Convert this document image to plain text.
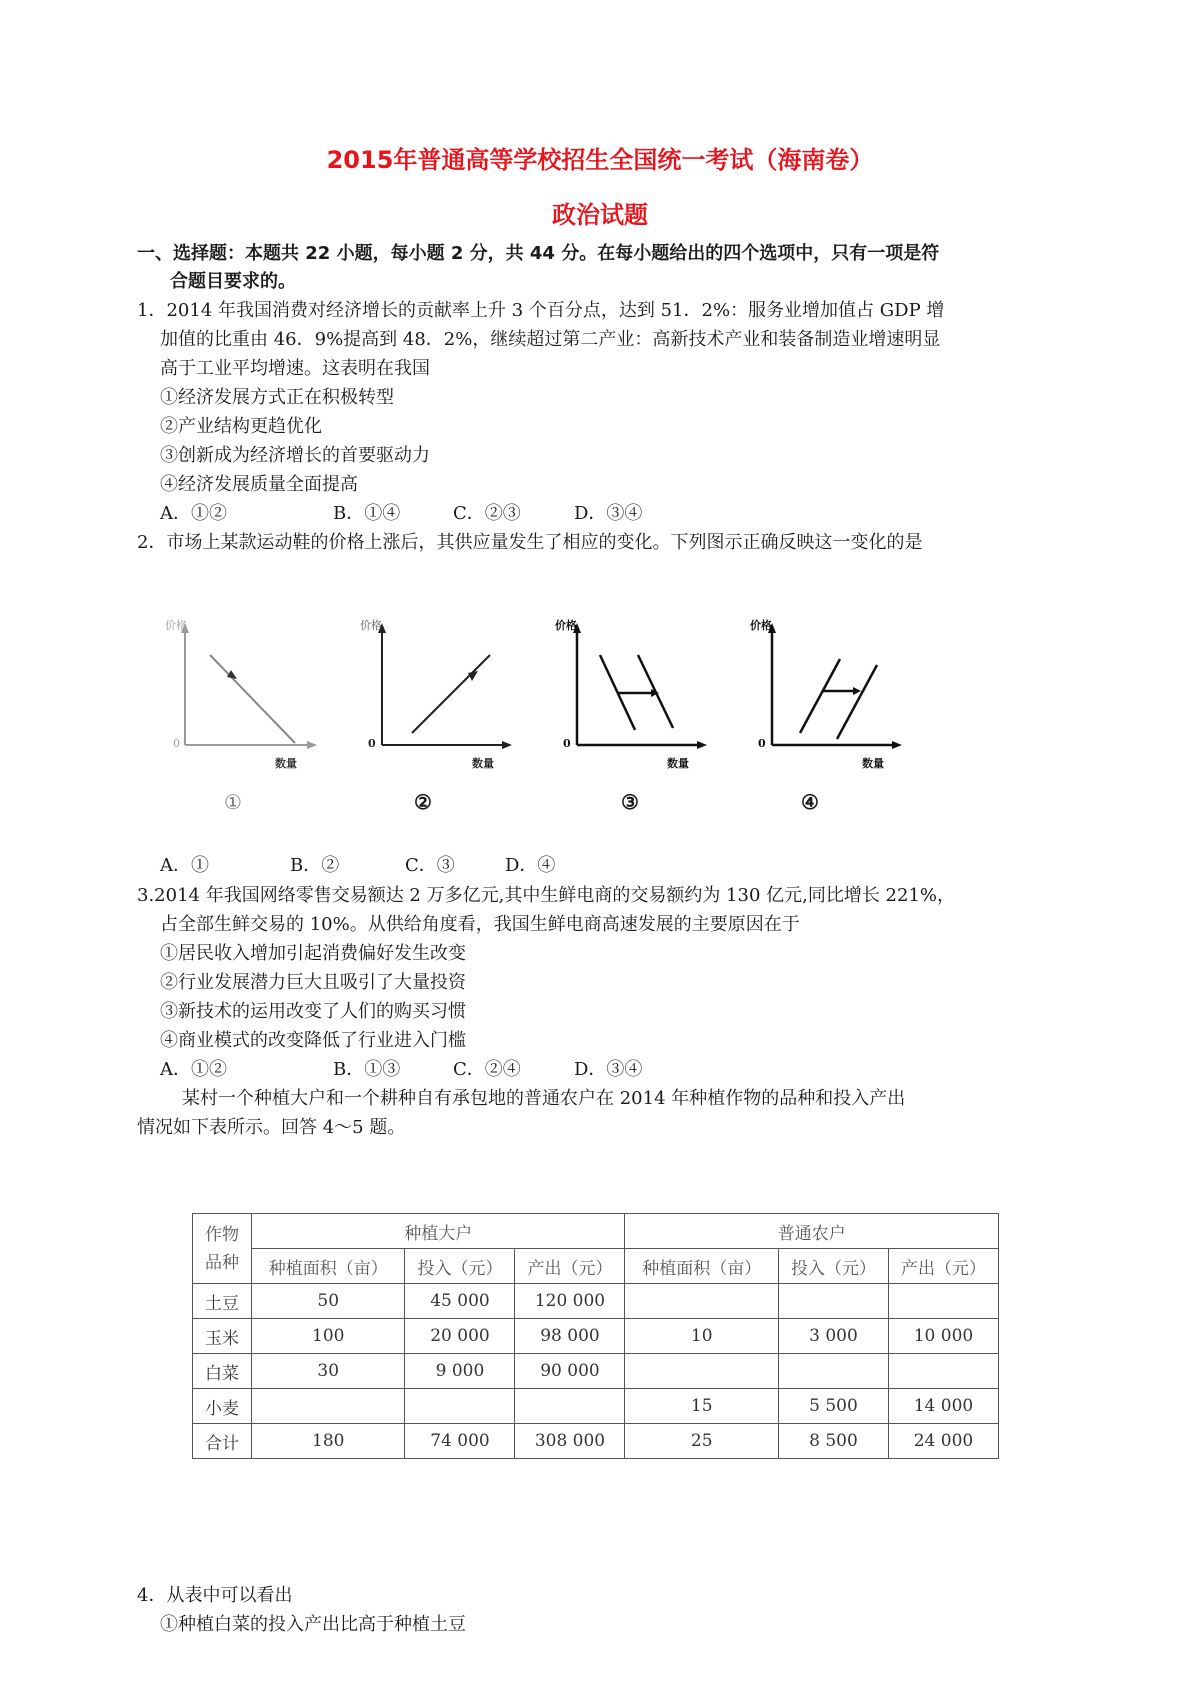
2015年普通高等学校招生全国统一考试（海南卷）
政治试题
一、选择题：本题共 22 小题，每小题 2 分，共 44 分。在每小题给出的四个选项中，只有一项是符
合题目要求的。
1．2014 年我国消费对经济增长的贡献率上升 3 个百分点，达到 51．2%：服务业增加值占 GDP 增
加值的比重由 46．9%提高到 48．2%，继续超过第二产业：高新技术产业和装备制造业增速明显
高于工业平均增速。这表明在我国
①经济发展方式正在积极转型
②产业结构更趋优化
③创新成为经济增长的首要驱动力
④经济发展质量全面提高
A．①②	B．①④	C．②③	D．③④
2．市场上某款运动鞋的价格上涨后，其供应量发生了相应的变化。下列图示正确反映这一变化的是
价格
0
数量
价格
0
数量
价格
0
数量
价格
0
数量
①	②	③	④
A．①	B．②	C．③	D．④
3.2014 年我国网络零售交易额达 2 万多亿元,其中生鲜电商的交易额约为 130 亿元,同比增长 221%，
占全部生鲜交易的 10%。从供给角度看，我国生鲜电商高速发展的主要原因在于
①居民收入增加引起消费偏好发生改变
②行业发展潜力巨大且吸引了大量投资
③新技术的运用改变了人们的购买习惯
④商业模式的改变降低了行业进入门槛
A．①②	B．①③	C．②④	D．③④
某村一个种植大户和一个耕种自有承包地的普通农户在 2014 年种植作物的品种和投入产出
情况如下表所示。回答 4～5 题。
作物
品种	种植大户			普通农户		
	种植面积（亩）	投入（元）	产出（元）	种植面积（亩）	投入（元）	产出（元）
土豆	50	45 000	120 000			
玉米	100	20 000	98 000	10	3 000	10 000
白菜	30	9 000	90 000			
小麦				15	5 500	14 000
合计	180	74 000	308 000	25	8 500	24 000
4．从表中可以看出
①种植白菜的投入产出比高于种植土豆
